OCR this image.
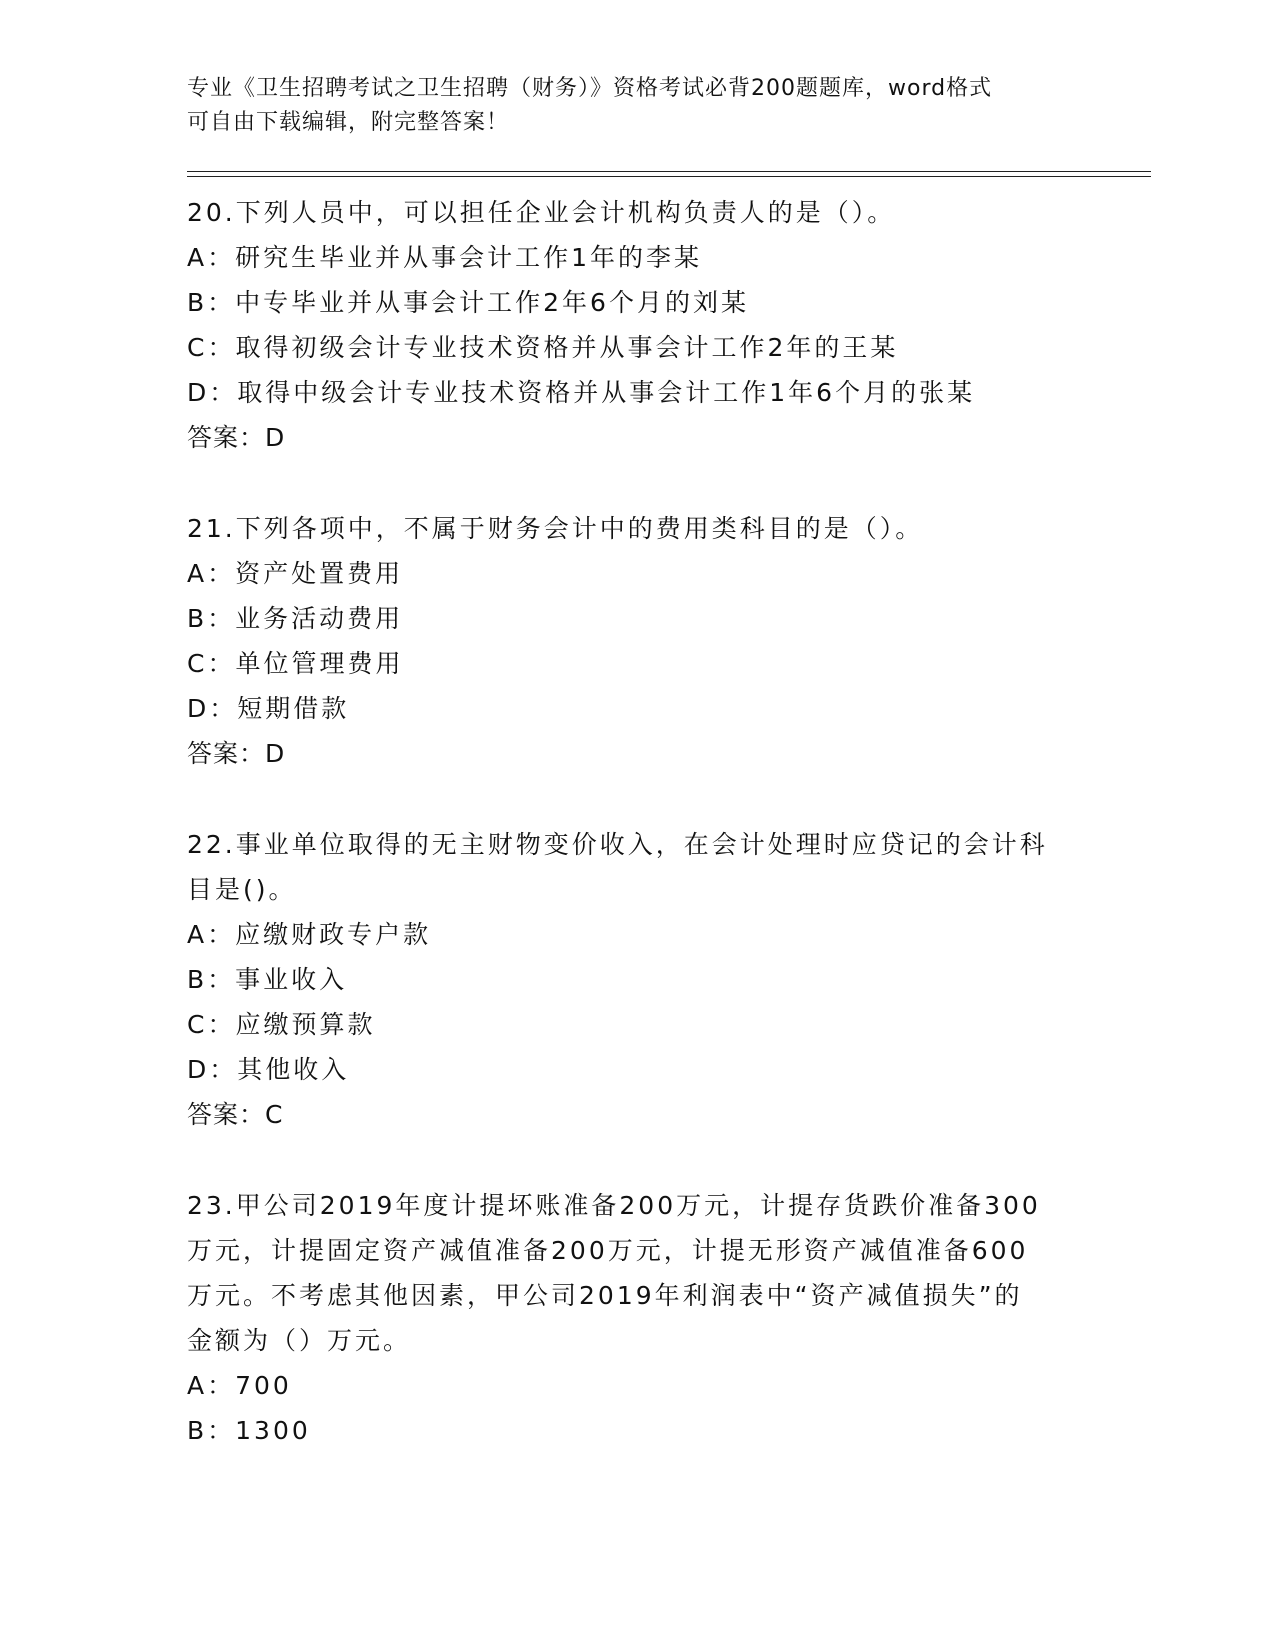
专业《卫生招聘考试之卫生招聘（财务）》资格考试必背200题题库，word格式
可自由下载编辑，附完整答案！
20.下列人员中，可以担任企业会计机构负责人的是（）。
A：研究生毕业并从事会计工作1年的李某
B：中专毕业并从事会计工作2年6个月的刘某
C：取得初级会计专业技术资格并从事会计工作2年的王某
D：取得中级会计专业技术资格并从事会计工作1年6个月的张某
答案：D
21.下列各项中，不属于财务会计中的费用类科目的是（）。
A：资产处置费用
B：业务活动费用
C：单位管理费用
D：短期借款
答案：D
22.事业单位取得的无主财物变价收入，在会计处理时应贷记的会计科
目是()。
A：应缴财政专户款
B：事业收入
C：应缴预算款
D：其他收入
答案：C
23.甲公司2019年度计提坏账准备200万元，计提存货跌价准备300
万元，计提固定资产减值准备200万元，计提无形资产减值准备600
万元。不考虑其他因素，甲公司2019年利润表中“资产减值损失”的
金额为（）万元。
A：700
B：1300
